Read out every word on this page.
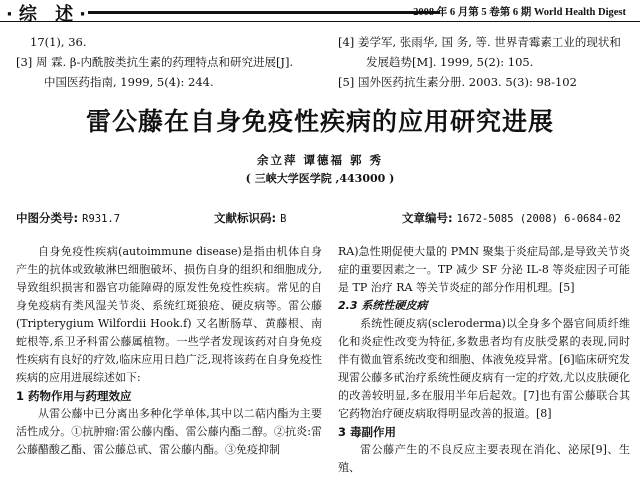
·综 述·	2008 年 6 月第 5 卷第 6 期 World Health Digest
17(1), 36.
[3] 周 霖. β-内酰胺类抗生素的药理特点和研究进展[J].
中国医药指南, 1999, 5(4): 244.
[4] 姜学军, 张雨华, 国 务, 等. 世界青霉素工业的现状和
发展趋势[M]. 1999, 5(2): 105.
[5] 国外医药抗生素分册. 2003. 5(3): 98-102
雷公藤在自身免疫性疾病的应用研究进展
余立萍 谭德福 郭 秀
( 三峡大学医学院 ,443000 )
中图分类号: R931.7	文献标识码: B	文章编号: 1672-5085 (2008) 6-0684-02
自身免疫性疾病(autoimmune disease)是指由机体自身产生的抗体或致敏淋巴细胞破坏、损伤自身的组织和细胞成分,导致组织损害和器官功能障碍的原发性免疫性疾病。常见的自身免疫病有类风湿关节炎、系统红斑狼疮、硬皮病等。雷公藤 (Tripterygium Wilfordii Hook.f) 又名断肠草、黄藤根、南蛇根等,系卫矛科雷公藤属植物。一些学者发现该药对自身免疫性疾病有良好的疗效,临床应用日趋广泛,现将该药在自身免疫性疾病的应用进展综述如下:
1 药物作用与药理效应
从雷公藤中已分离出多种化学单体,其中以二萜内酯为主要活性成分。①抗肿瘤:雷公藤内酯、雷公藤内酯二醇。②抗炎:雷公藤醋酸乙酯、雷公藤总甙、雷公藤内酯。③免疫抑制
RA)急性期促使大量的 PMN 聚集于炎症局部,是导致关节炎症的重要因素之一。TP 减少 SF 分泌 IL-8 等炎症因子可能是 TP 治疗 RA 等关节炎症的部分作用机理。[5]
2.3 系统性硬皮病
系统性硬皮病(scleroderma)以全身多个器官间质纤维化和炎症性改变为特征,多数患者均有皮肤受累的表现,同时伴有微血管系统改变和细胞、体液免疫异常。[6]临床研究发现雷公藤多甙治疗系统性硬皮病有一定的疗效,尤以皮肤硬化的改善较明显,多在服用半年后起效。[7]也有雷公藤联合其它药物治疗硬皮病取得明显改善的报道。[8]
3 毒副作用
雷公藤产生的不良反应主要表现在消化、泌尿[9]、生殖、
